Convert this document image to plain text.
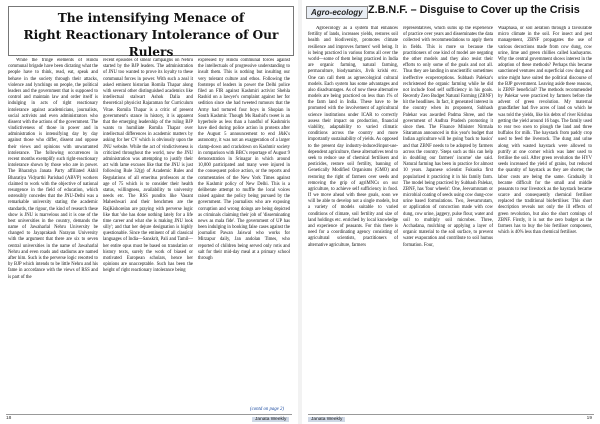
The intensifying Menace of
Right Reactionary Intolerance of Our Rulers

While the fringe elements of Hindu communal brigade have been dictating what the people have to think, read, eat, speak and behave in the society through their attacks, violence and lynchings on people, the political leaders and the government that is supposed to control and maintain law and order itself is indulging in acts of right reactionary intolerance against academicians, journalists, social activists and even administrators who dissent with the actions of the government. The vindictiveness of those in power and in administration is intensifying day by day against those who differ, dissent and oppose their views and opinions with unwarranted intolerance. The following occurrences in recent months exemplify such right-reactionary intolerance shown by those who are in power. The Bharatiya Janata Party affiliated Akhil Bharatiya Vidyarthi Parishad (ABVP) workers claimed to work with the objective of national resurgence in the field of education, which ostensibly concedes that the JNU-Delhi was a remarkable university stating the academic standards, the rigour, the kind of research these show is JNU is marvelous and it is one of the best universities in the country, demands the name of Jawaharlal Nehru University be changed to Jayaprakash Narayan University with the argument that there are six to seven central universities in the name of Jawaharlal Nehru and even roads and stadiums are named after him. Such is the perverse logic resorted to by BJP which intends to be little Nehru and his fame in accordance with the views of RSS and is part of the

recent episodes of smear campaigns on Nehru started by the BJP leaders. The administration of JNU too wanted to prove its loyalty to these communal forces in power. With such a zeal it asked eminent historian Romila Thapar along with several other distinguished academics like intellectual stalwart Ashok Dalia and theoretical physicist Rajaraman for Curriculum Vitae. Romila Thapar is a critic of present government's stance in history, it is apparent that the emerging leadership of the ruling BJP wants to humiliate Romila Thapar over intellectual differences in academic matters by asking for her CV which is obviously upon the JNU website. While the act of vindictiveness is criticized throughout the world, now the JNU administration was attempting to justify their act with lame excuses like that the JNU is just following Rule 32(g) of Academic Rules and Regulations of all emeritus professors at the age of 75 which is to consider their health status, willingness, availability to university needs etc. The RSS pundits like Vasant Maheshwari and their henchmen are the RajKishorelan are praying with perverse logic like that 'she has done nothing lately for a life time career and what she is making JNU look silly'; and that her dejure designation is highly questionable. Since the eminent of all classical languages of India—Sanskrit, Pali and Tamil—her entire opus must be based on translation or history texts, surely the work of biased or motivated European scholars, hence her opinions are unacceptable. Such has been the height of right reactionary intolerance being

expressed by Hindu communal forces against the intellectuals of progressive understanding to insult them. This is nothing but insulting our very tolerant culture and ethos. Following the footsteps of leaders in power the Delhi police filed an FIR against Kashmiri activist Shehla Rashid on a lawyer's complaint against her for sedition since she had tweeted rumours that the Army had tortured four boys in Shopian in South Kashmir. Though Ms Rashid's tweet is an hyperbole as less than a handful of Kashmiris have died during police action in protests after the August 5 announcement to end J&K's autonomy, it was not an exaggeration of a larger clamp-down and crackdown on Kashmir society in comparison with BBC's reportage of August 9 demonstration in Srinagar in which around 10,000 participated and many were injured in the consequent police action, or the reports and commentaries of the New York Times against the Kashmir policy of New Delhi. This is a deliberate attempt to muffle the local voices raised against the policy being pursued by the government. The journalists who are exposing corruption and wrong doings are being depicted as criminals claiming their job of 'disseminating news as mala fide'. The government of UP has been indulging in booking false cases against the journalist Pawan Jaiswal who works for Mirzapur daily, Jan andolan Times, who reported of children being served only rotis and salt for their mid-day meal at a primary school through

(contd on page 2)
18	Janata Weekly
Agro-ecology Z.B.N.F. – Disguise to Cover up the Crisis

Agroecology as a system that enhances fertility of lands, increases yields, restores soil health and biodiversity, promotes climate resilience and improves farmers' well being. It is being practiced in various forms all over the world—some of them being practiced in India are organic farming, natural farming, permaculture, biodynamics, Jivik krishi etc. One can call them as agroecological cultural models. Each system has some advantages and also disadvantages. As of now these alternative models are being practiced on less than 1% of the farm land in India. These have to be promoted with the involvement of agricultural science institutions under ICAR to correctly assess their impact on production, financial viability, adaptability to varied climatic conditions across the country and more importantly sustainability of yields. As opposed to the present day industry-induced/input-use-dependent agriculture, these alternatives tend to seek to reduce use of chemical fertilisers and pesticides, restore soil fertility, banning of Genetically Modified Organisms (GMO) and restoring the right of farmers over seeds and removing the grip of agriMNCs on our agriculture, to achieve self sufficiency in food. If we move ahead with these goals, soon we will be able to develop not a single models, but a variety of models suitable to varied conditions of climate, soil fertility and size of land holdings etc. enriched by local knowledge and experience of peasants. For this there is need for a coordinating agency consisting of agricultural scientists, practitioners of alternative agriculture, farmers

representatives, which sums up the experience of practice over years and disseminates the data collected with recommendations to apply them in fields. This is more so because the practitioners of one kind of model are negating the other models and they also resist their efforts to only some of the goals and not all. Thus they are landing in unscientific sometimes ineffective ecoperceptions. Subhash Palekar's rechristened the organic farming while he did not include food self sufficiency in his goals. Recently Zero Budget Natural Farming (ZBNF) hit the headlines. In fact, it generated interest in the country when its proponent, Subhash Palekar was awarded Padma Shree, and the government of Andhra Pradesh promoting it since then. The Finance Minister Nirmala Sitaraman announced in this year's budget that Indian agriculture will be going 'back to basics' and that ZBNF needs to be adopted by farmers across the country. 'Steps such as this can help in doubling our farmers' income' she said. Natural farming has been in practice for almost 10 years. Japanese scientist Fukuoka first popularized it practicing it in his family farm. The model being practiced by Subhash Palekar, ZBNF, has 'four wheels': One, Jeevamrutam or microbial coating of seeds using cow dung-cow urine based formulations. Two, Jeevamrutam, or application of concoction made with cow dung, cow urine, jaggery, pulse flour, water and soil to multiply soil microbes. Three, Acchadana, mulching or applying a layer of organic material to the soil surface, to prevent water evaporation and contribute to soil humus formation. Four,

Waaphasa, or soil aeration through a favourable micro climate in the soil. For insect and pest management, ZBNF propagates the use of various decoctions made from cow dung, cow urine, lime and green chillies called kashayams. Why the central government shows interest in the adoption of these methods? Perhaps this became sanctioned ventures and superficial cow dung and urine might have suited the political discourse of the BJP government. Leaving aside these reasons, is ZBNF beneficial? The methods recommended by Palekar were practiced by farmers before the advent of green revolution. My maternal grandfather had five acres of land on which he was told the yields, like his debts of river Krishna getting the yield around 16 bags. The family used to rear two oxen to plough the land and three buffalos for milk. The haystack from paddy crop used to feed the livestock. The dung and urine along with wasted haystack were allowed to putrify at one corner which was later used to fertilise the soil. After green revolution the HYV seeds increased the yield of grains, but reduced the quantity of haystack as they are shorter, the labor costs are being the same. Gradually it became difficult for the small and middle peasants to rear livestock as the haystack became scarce and consequently chemical fertiliser replaced the traditional biofertiliser. This short description reveals not only the ill effects of green revolution, but also the short comings of ZBNF. Firstly, it is not the zero budget as the farmers has to buy the bio fertiliser component, which is 40% less than chemical fertiliser.

Janata Weekly	19
